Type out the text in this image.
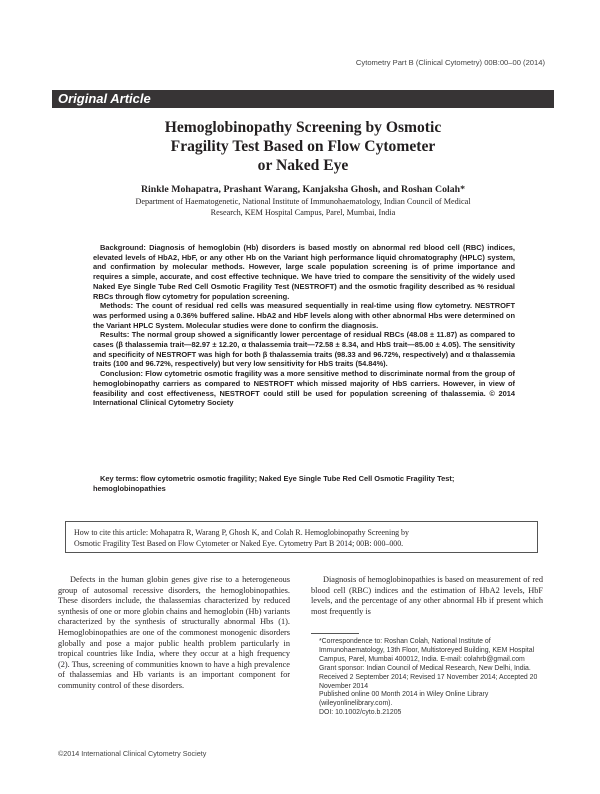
Cytometry Part B (Clinical Cytometry) 00B:00–00 (2014)
Original Article
Hemoglobinopathy Screening by Osmotic
Fragility Test Based on Flow Cytometer
or Naked Eye
Rinkle Mohapatra, Prashant Warang, Kanjaksha Ghosh, and Roshan Colah*
Department of Haematogenetic, National Institute of Immunohaematology, Indian Council of Medical
Research, KEM Hospital Campus, Parel, Mumbai, India

Background: Diagnosis of hemoglobin (Hb) disorders is based mostly on abnormal red blood cell (RBC) indices, elevated levels of HbA2, HbF, or any other Hb on the Variant high performance liquid chromatography (HPLC) system, and confirmation by molecular methods. However, large scale population screening is of prime importance and requires a simple, accurate, and cost effective technique. We have tried to compare the sensitivity of the widely used Naked Eye Single Tube Red Cell Osmotic Fragility Test (NESTROFT) and the osmotic fragility described as % residual RBCs through flow cytometry for population screening.

Methods: The count of residual red cells was measured sequentially in real-time using flow cytometry. NESTROFT was performed using a 0.36% buffered saline. HbA2 and HbF levels along with other abnormal Hbs were determined on the Variant HPLC System. Molecular studies were done to confirm the diagnosis.

Results: The normal group showed a significantly lower percentage of residual RBCs (48.08 ± 11.87) as compared to cases (β thalassemia trait—82.97 ± 12.20, α thalassemia trait—72.58 ± 8.34, and HbS trait—85.00 ± 4.05). The sensitivity and specificity of NESTROFT was high for both β thalassemia traits (98.33 and 96.72%, respectively) and α thalassemia traits (100 and 96.72%, respectively) but very low sensitivity for HbS traits (54.84%).

Conclusion: Flow cytometric osmotic fragility was a more sensitive method to discriminate normal from the group of hemoglobinopathy carriers as compared to NESTROFT which missed majority of HbS carriers. However, in view of feasibility and cost effectiveness, NESTROFT could still be used for population screening of thalassemia. © 2014 International Clinical Cytometry Society

Key terms: flow cytometric osmotic fragility; Naked Eye Single Tube Red Cell Osmotic Fragility Test; hemoglobinopathies
How to cite this article: Mohapatra R, Warang P, Ghosh K, and Colah R. Hemoglobinopathy Screening by
Osmotic Fragility Test Based on Flow Cytometer or Naked Eye. Cytometry Part B 2014; 00B: 000–000.

Defects in the human globin genes give rise to a heterogeneous group of autosomal recessive disorders, the hemoglobinopathies. These disorders include, the thalassemias characterized by reduced synthesis of one or more globin chains and hemoglobin (Hb) variants characterized by the synthesis of structurally abnormal Hbs (1). Hemoglobinopathies are one of the commonest monogenic disorders globally and pose a major public health problem particularly in tropical countries like India, where they occur at a high frequency (2). Thus, screening of communities known to have a high prevalence of thalassemias and Hb variants is an important component for community control of these disorders.

Diagnosis of hemoglobinopathies is based on measurement of red blood cell (RBC) indices and the estimation of HbA2 levels, HbF levels, and the percentage of any other abnormal Hb if present which most frequently is

*Correspondence to: Roshan Colah, National Institute of Immunohaematology, 13th Floor, Multistoreyed Building, KEM Hospital Campus, Parel, Mumbai 400012, India. E-mail: colahrb@gmail.com
Grant sponsor: Indian Council of Medical Research, New Delhi, India.
Received 2 September 2014; Revised 17 November 2014; Accepted 20 November 2014
Published online 00 Month 2014 in Wiley Online Library (wileyonlinelibrary.com).
DOI: 10.1002/cyto.b.21205
©2014 International Clinical Cytometry Society
